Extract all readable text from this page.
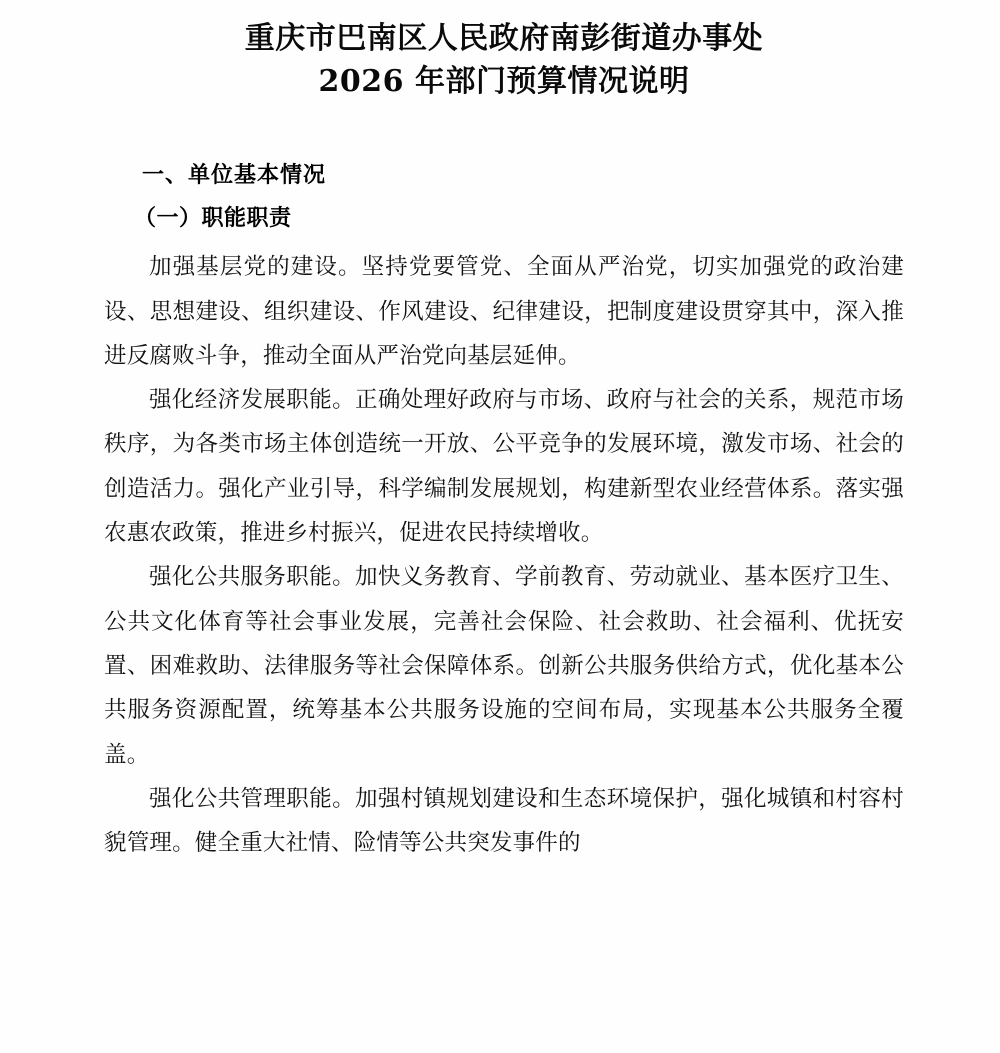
重庆市巴南区人民政府南彭街道办事处
2026 年部门预算情况说明
一、单位基本情况
（一）职能职责

加强基层党的建设。坚持党要管党、全面从严治党，切实加强党的政治建设、思想建设、组织建设、作风建设、纪律建设，把制度建设贯穿其中，深入推进反腐败斗争，推动全面从严治党向基层延伸。

强化经济发展职能。正确处理好政府与市场、政府与社会的关系，规范市场秩序，为各类市场主体创造统一开放、公平竞争的发展环境，激发市场、社会的创造活力。强化产业引导，科学编制发展规划，构建新型农业经营体系。落实强农惠农政策，推进乡村振兴，促进农民持续增收。

强化公共服务职能。加快义务教育、学前教育、劳动就业、基本医疗卫生、公共文化体育等社会事业发展，完善社会保险、社会救助、社会福利、优抚安置、困难救助、法律服务等社会保障体系。创新公共服务供给方式，优化基本公共服务资源配置，统筹基本公共服务设施的空间布局，实现基本公共服务全覆盖。

强化公共管理职能。加强村镇规划建设和生态环境保护，强化城镇和村容村貌管理。健全重大社情、险情等公共突发事件的
